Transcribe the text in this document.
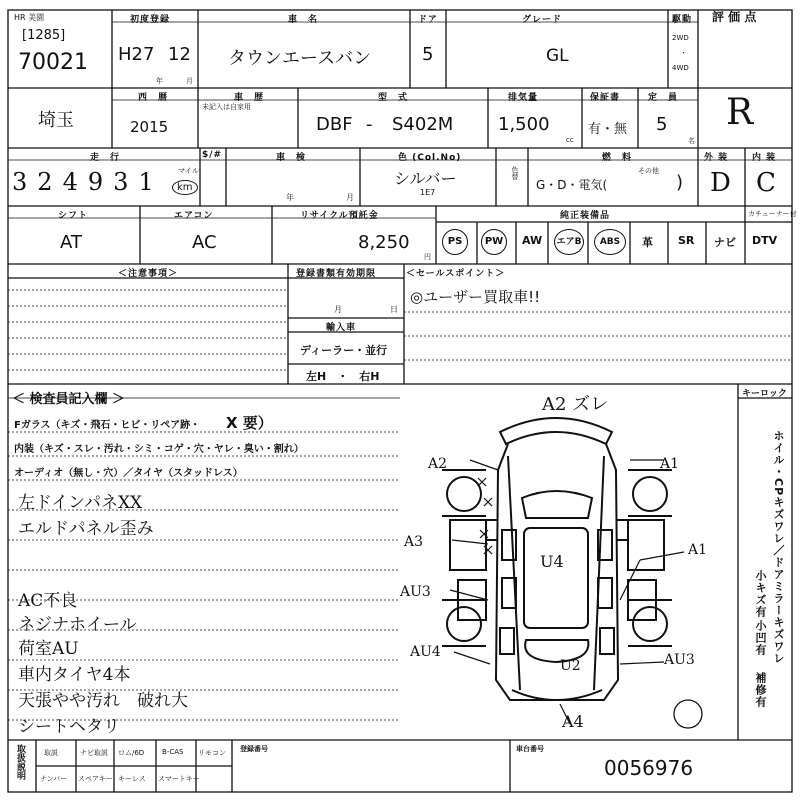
HR 美園
[1285]
70021
初度登録
H27 12
年	月
車　名
タウンエースバン
ドア
5
グレード
GL
駆動
2WD
・
4WD
評 価 点
R
埼玉
西　暦
2015
車　歴
未記入は自家用
型　式
DBF - S402M
排気量
1,500
cc
保証書
有・無
定　員
5
名
走　行
3 2 4 9 3 1	マイル
km
$/#	車　検
年	月
色 (Col.No)
シルバー
1E7
色替
燃　料
G・D・電気(
その他
)
外 装
D
内 装
C
シフト
AT
エアコン
AC
リサイクル預託金
8,250
円
純正装備品	カチューナー付
PS	PW	AW エアB	ABS	革 SR ナビ DTV
＜注意事項＞	登録書類有効期限
月	日
輸入車
ディーラー・並行
左H　・　右H
＜セールスポイント＞
◎ユーザー買取車!!
＜ 検査員記入欄 ＞
Fガラス（キズ・飛石・ヒビ・リペア跡・ X 要）
内装（キズ・スレ・汚れ・シミ・コゲ・穴・ヤレ・臭い・割れ）
オーディオ（無し・穴）／タイヤ（スタッドレス）
左ドインパネXX
エルドパネル歪み
AC不良
ネジナホイール
荷室AU
車内タイヤ4本
天張やや汚れ　破れ大
シートヘタリ
キーロック
ホイル・CPキズワレ／ドアミラーキズワレ
小キズ有
小凹有
補修有
A2 ズレ
A2	A1
A3	A1
AU3
U4
AU4
U2	AU3
A4
取扱説明	取説	ナビ取説 ロム/6D	B-CAS リモコン
ナンバー スペアキー キーレス スマートキー
登録番号	車台番号
0056976
